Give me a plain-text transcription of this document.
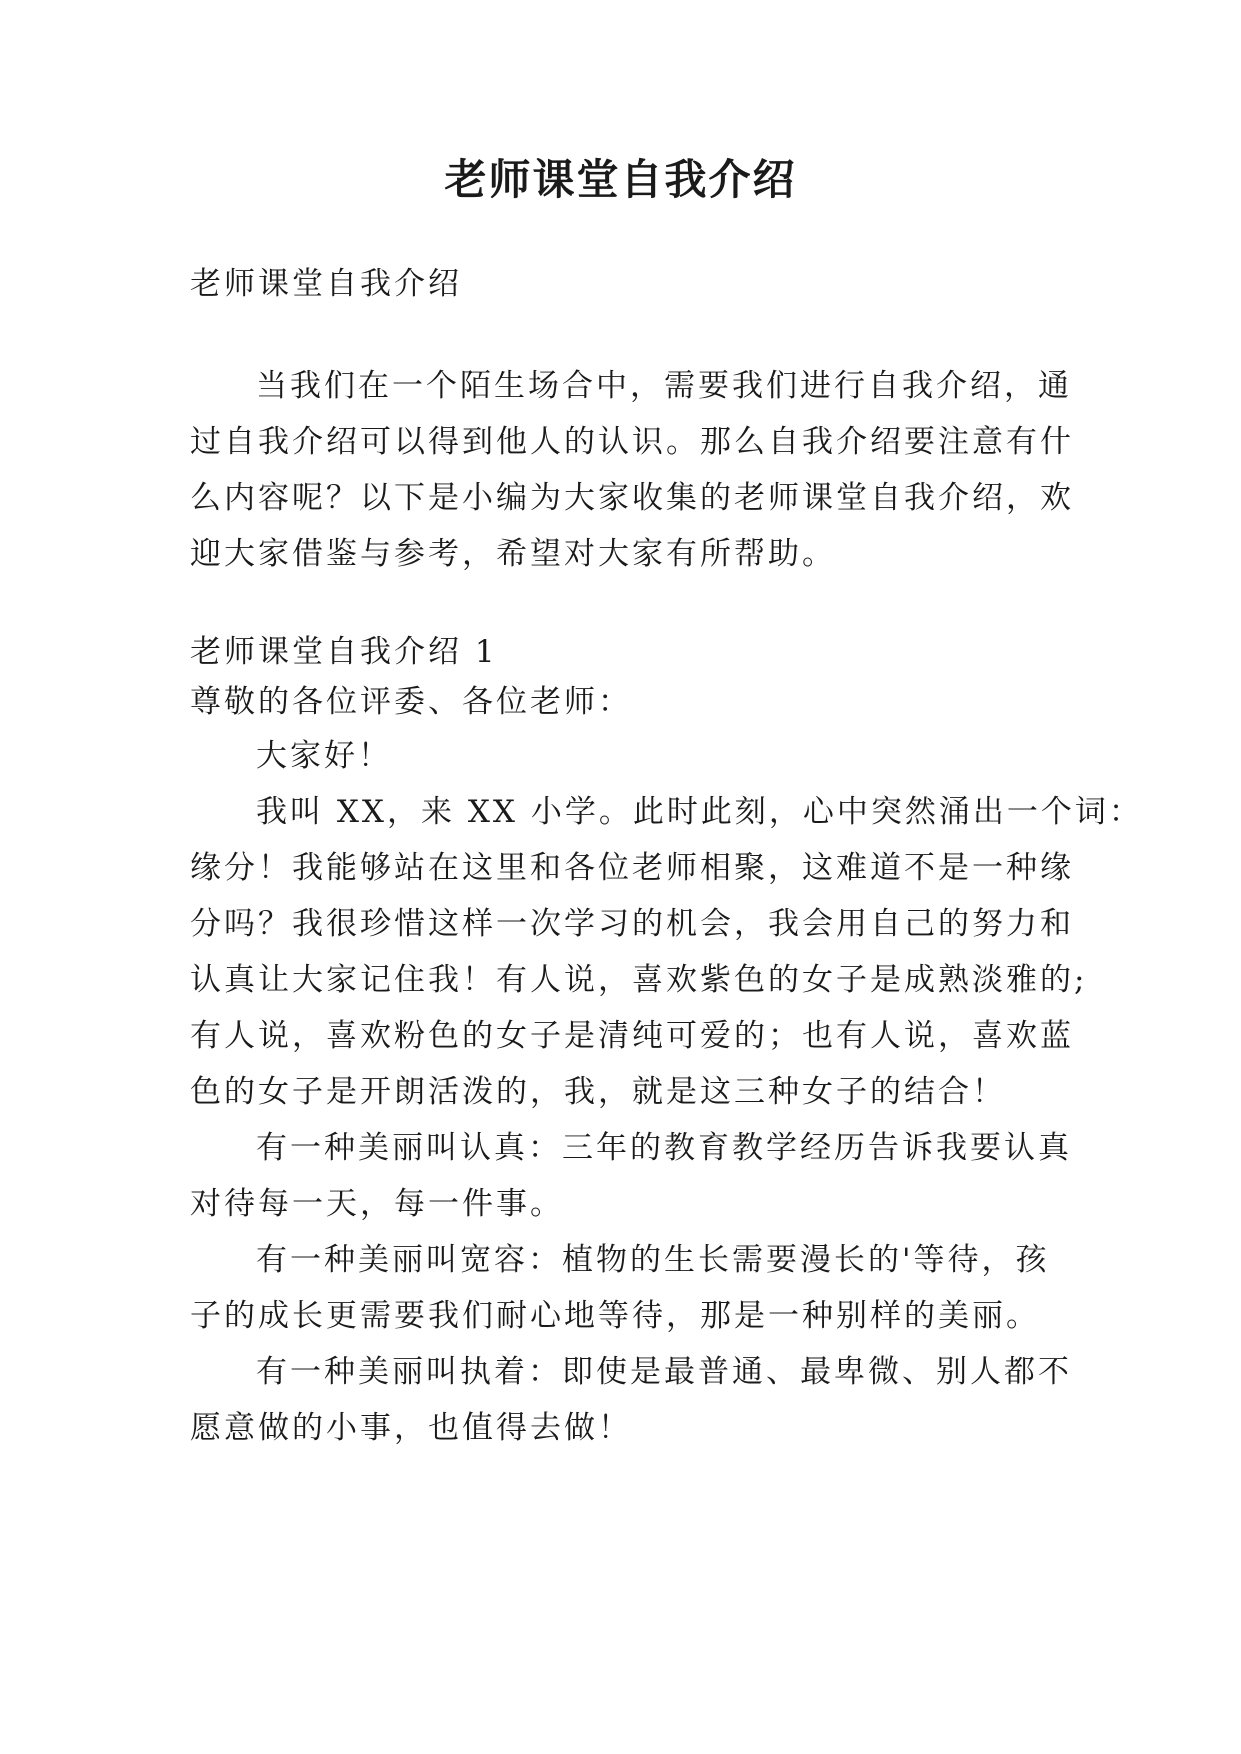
老师课堂自我介绍
老师课堂自我介绍
当我们在一个陌生场合中，需要我们进行自我介绍，通
过自我介绍可以得到他人的认识。那么自我介绍要注意有什
么内容呢？以下是小编为大家收集的老师课堂自我介绍，欢
迎大家借鉴与参考，希望对大家有所帮助。
老师课堂自我介绍 1
尊敬的各位评委、各位老师：
大家好！
我叫 XX，来 XX 小学。此时此刻，心中突然涌出一个词：
缘分！我能够站在这里和各位老师相聚，这难道不是一种缘
分吗？我很珍惜这样一次学习的机会，我会用自己的努力和
认真让大家记住我！有人说，喜欢紫色的女子是成熟淡雅的;
有人说，喜欢粉色的女子是清纯可爱的；也有人说，喜欢蓝
色的女子是开朗活泼的，我，就是这三种女子的结合！
有一种美丽叫认真：三年的教育教学经历告诉我要认真
对待每一天，每一件事。
有一种美丽叫宽容：植物的生长需要漫长的'等待，孩
子的成长更需要我们耐心地等待，那是一种别样的美丽。
有一种美丽叫执着：即使是最普通、最卑微、别人都不
愿意做的小事，也值得去做！
